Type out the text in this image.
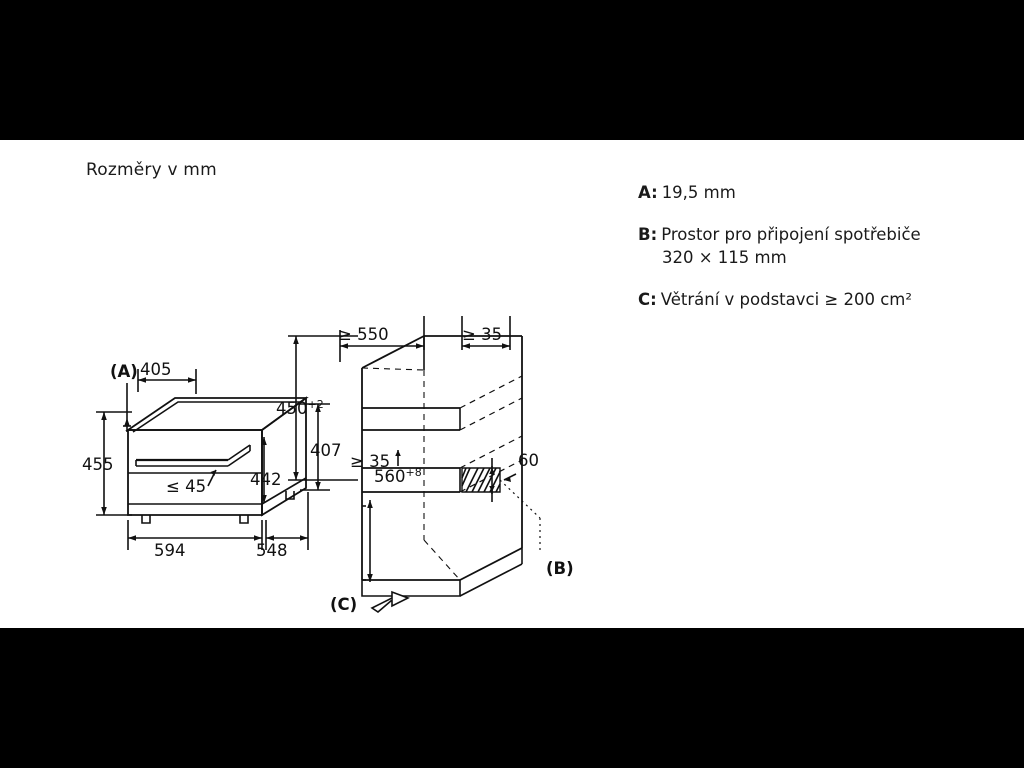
Rozměry v mm
(A) 405
455
≤ 45	442
407
594	548
≥ 550	≥ 35
$450^{+2}$
≥ 35	60
$560^{+8}$
(B)
(C)
A: 19,5 mm
B: Prostor pro připojení spotřebiče
320 × 115 mm
C: Větrání v podstavci ≥ 200 cm²
